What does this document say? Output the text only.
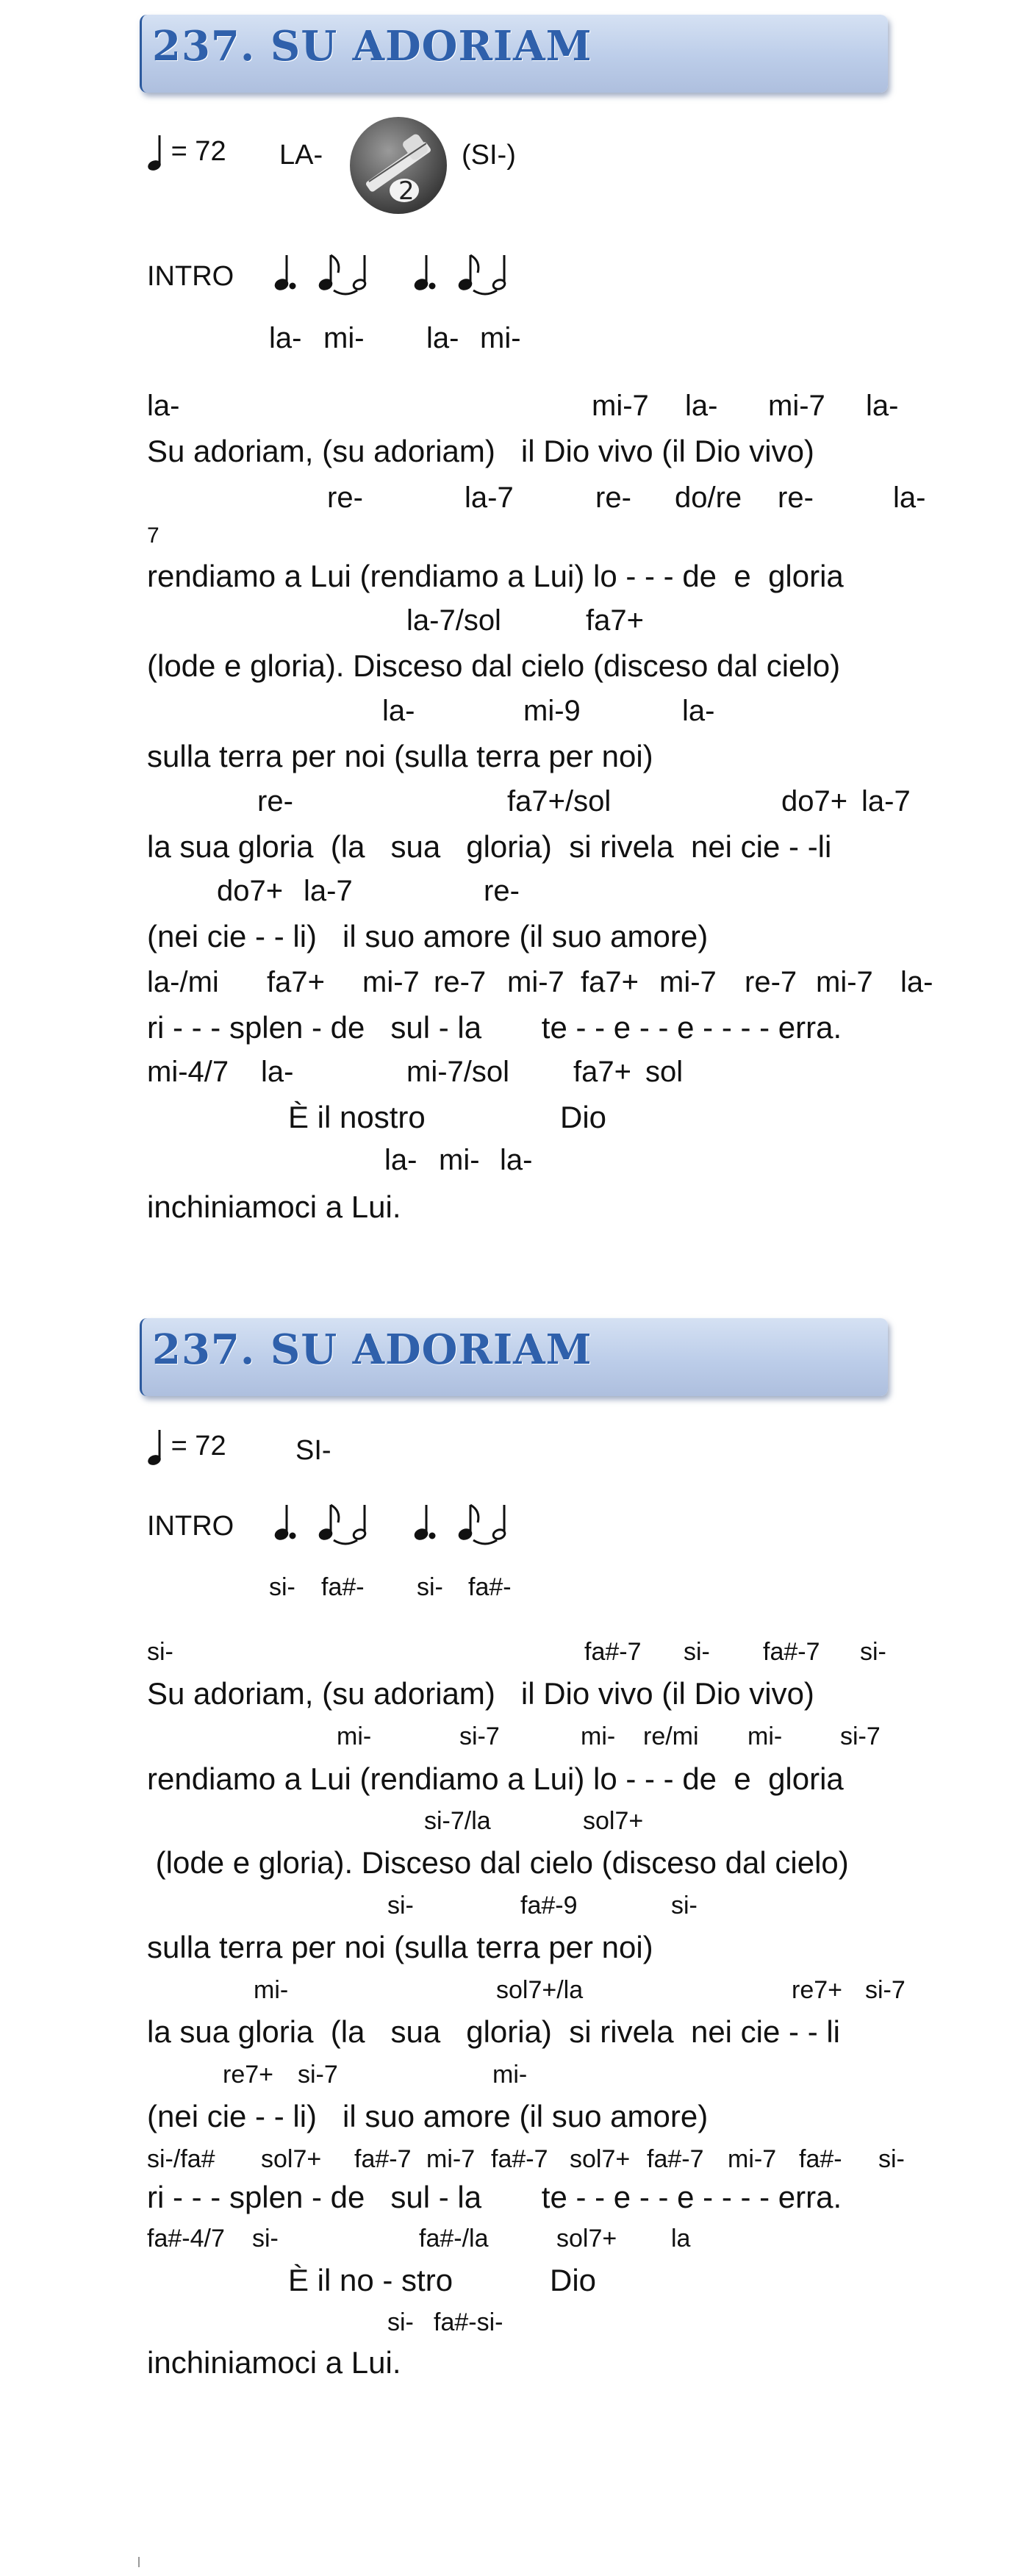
237. SU ADORIAM
= 72 LA-
2
(SI-)
INTRO
la- mi- la- mi-
la-	mi-7 la- mi-7 la-
Su adoriam, (su adoriam)   il Dio vivo (il Dio vivo)
re-	la-7	re- do/re re-	la-
7
rendiamo a Lui (rendiamo a Lui) lo - - - de  e  gloria
la-7/sol	fa7+
(lode e gloria). Disceso dal cielo (disceso dal cielo)
la-	mi-9	la-
sulla terra per noi (sulla terra per noi)
re-	fa7+/sol	do7+ la-7
la sua gloria  (la   sua   gloria)  si rivela  nei cie - -li
do7+ la-7	re-
(nei cie - - li)   il suo amore (il suo amore)
la-/mi fa7+ mi-7 re-7 mi-7 fa7+ mi-7 re-7 mi-7 la-
ri - - - splen - de   sul - la       te - - e - - e - - - - erra.
mi-4/7 la-	mi-7/sol fa7+ sol
È il nostro	Dio
la- mi- la-
inchiniamoci a Lui.
237. SU ADORIAM
= 72 SI-
INTRO
si- fa#- si- fa#-
si-	fa#-7 si- fa#-7 si-
Su adoriam, (su adoriam)   il Dio vivo (il Dio vivo)
mi-	si-7	mi- re/mi mi- si-7
rendiamo a Lui (rendiamo a Lui) lo - - - de  e  gloria
si-7/la	sol7+
(lode e gloria). Disceso dal cielo (disceso dal cielo)
si-	fa#-9	si-
sulla terra per noi (sulla terra per noi)
mi-	sol7+/la	re7+ si-7
la sua gloria  (la   sua   gloria)  si rivela  nei cie - - li
re7+ si-7	mi-
(nei cie - - li)   il suo amore (il suo amore)
si-/fa# sol7+ fa#-7 mi-7 fa#-7 sol7+ fa#-7 mi-7 fa#- si-
ri - - - splen - de   sul - la       te - - e - - e - - - - erra.
fa#-4/7 si-	fa#-/la	sol7+ la
È il no - stro	Dio
si- fa#-si-
inchiniamoci a Lui.
